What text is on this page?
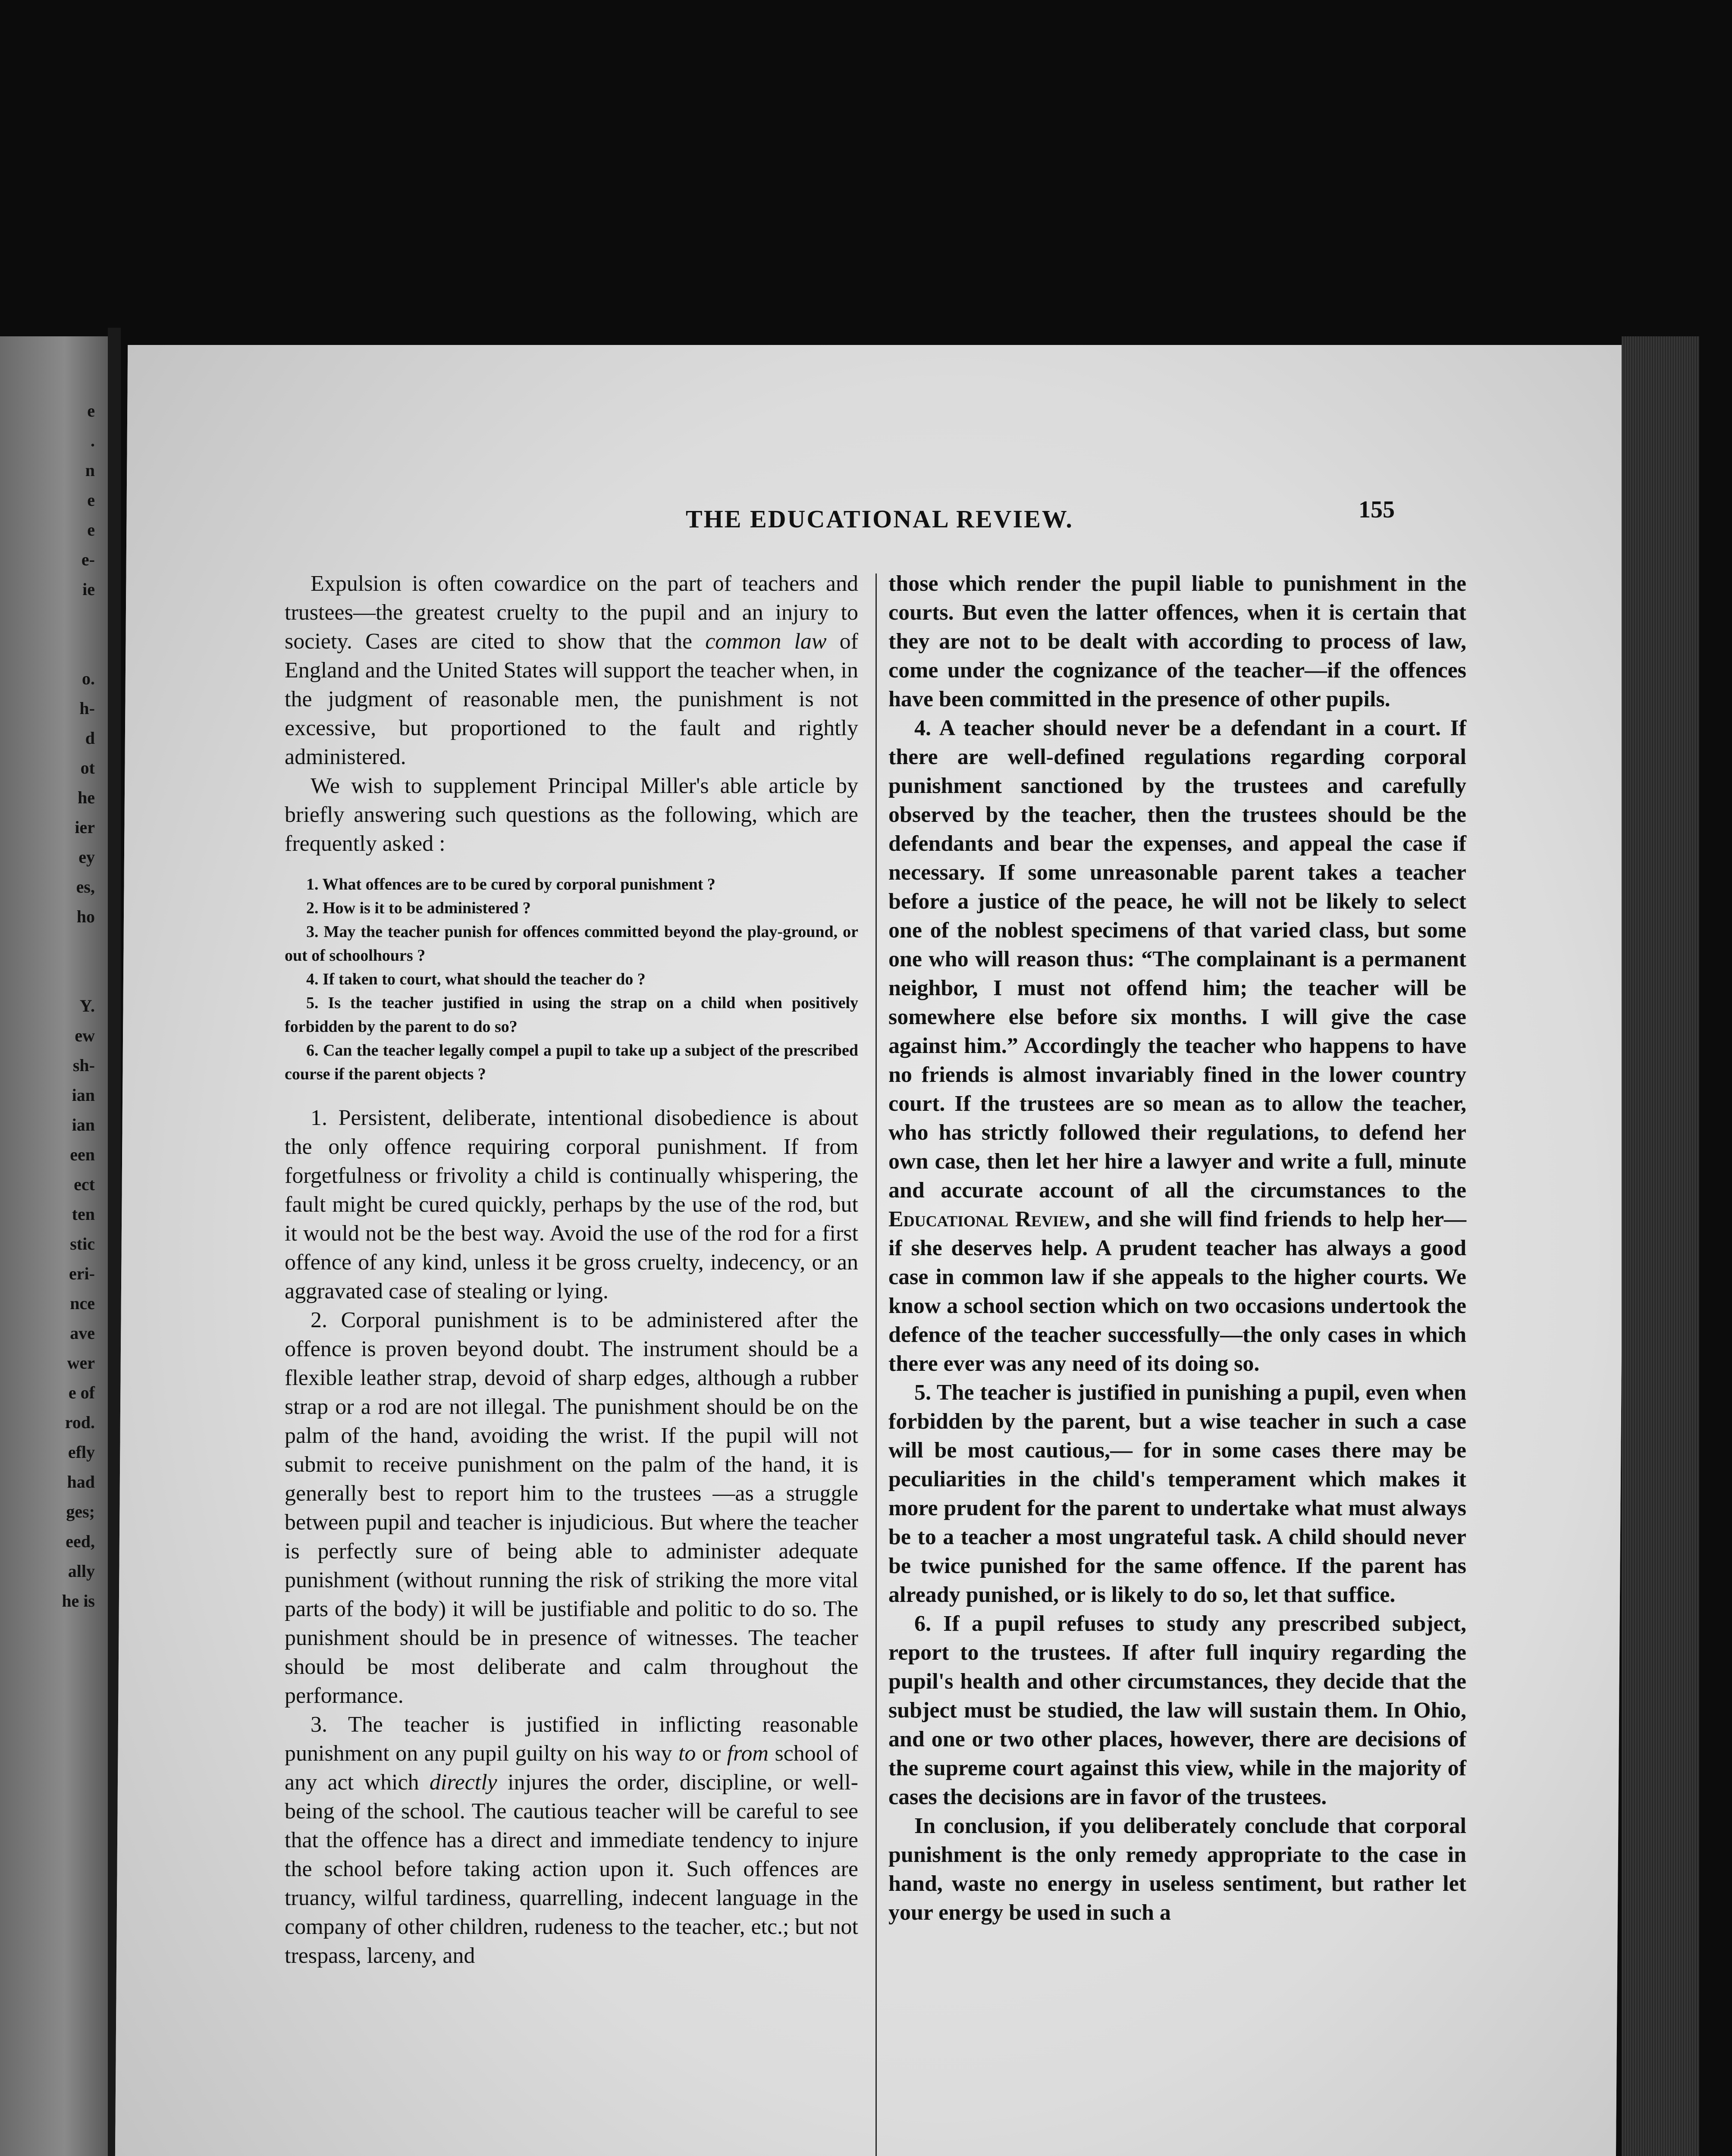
e
.
n
e
e
e-
ie
o.
h-
d
ot
he
ier
ey
es,
ho
Y.
ew
sh-
ian
ian
een
ect
ten
stic
eri-
nce
ave
wer
e of
rod.
efly
had
ges;
eed,
ally
he is
THE EDUCATIONAL REVIEW.	155

Expulsion is often cowardice on the part of teachers and trustees—the greatest cruelty to the pupil and an injury to society. Cases are cited to show that the common law of England and the United States will support the teacher when, in the judgment of reasonable men, the punishment is not excessive, but proportioned to the fault and rightly administered.

We wish to supplement Principal Miller's able article by briefly answering such questions as the following, which are frequently asked :

1. What offences are to be cured by corporal punishment ?
2. How is it to be administered ?
3. May the teacher punish for offences committed beyond the play-ground, or out of schoolhours ?
4. If taken to court, what should the teacher do ?
5. Is the teacher justified in using the strap on a child when positively forbidden by the parent to do so?
6. Can the teacher legally compel a pupil to take up a subject of the prescribed course if the parent objects ?

1. Persistent, deliberate, intentional disobedience is about the only offence requiring corporal punishment. If from forgetfulness or frivolity a child is continually whispering, the fault might be cured quickly, perhaps by the use of the rod, but it would not be the best way. Avoid the use of the rod for a first offence of any kind, unless it be gross cruelty, indecency, or an aggravated case of stealing or lying.

2. Corporal punishment is to be administered after the offence is proven beyond doubt. The instrument should be a flexible leather strap, devoid of sharp edges, although a rubber strap or a rod are not illegal. The punishment should be on the palm of the hand, avoiding the wrist. If the pupil will not submit to receive punishment on the palm of the hand, it is generally best to report him to the trustees —as a struggle between pupil and teacher is injudicious. But where the teacher is perfectly sure of being able to administer adequate punishment (without running the risk of striking the more vital parts of the body) it will be justifiable and politic to do so. The punishment should be in presence of witnesses. The teacher should be most deliberate and calm throughout the performance.

3. The teacher is justified in inflicting reasonable punishment on any pupil guilty on his way to or from school of any act which directly injures the order, discipline, or well-being of the school. The cautious teacher will be careful to see that the offence has a direct and immediate tendency to injure the school before taking action upon it. Such offences are truancy, wilful tardiness, quarrelling, indecent language in the company of other children, rudeness to the teacher, etc.; but not trespass, larceny, and

those which render the pupil liable to punishment in the courts. But even the latter offences, when it is certain that they are not to be dealt with according to process of law, come under the cognizance of the teacher—if the offences have been committed in the presence of other pupils.

4. A teacher should never be a defendant in a court. If there are well-defined regulations regarding corporal punishment sanctioned by the trustees and carefully observed by the teacher, then the trustees should be the defendants and bear the expenses, and appeal the case if necessary. If some unreasonable parent takes a teacher before a justice of the peace, he will not be likely to select one of the noblest specimens of that varied class, but some one who will reason thus: “The complainant is a permanent neighbor, I must not offend him; the teacher will be somewhere else before six months. I will give the case against him.” Accordingly the teacher who happens to have no friends is almost invariably fined in the lower country court. If the trustees are so mean as to allow the teacher, who has strictly followed their regulations, to defend her own case, then let her hire a lawyer and write a full, minute and accurate account of all the circumstances to the Educational Review, and she will find friends to help her—if she deserves help. A prudent teacher has always a good case in common law if she appeals to the higher courts. We know a school section which on two occasions undertook the defence of the teacher successfully—the only cases in which there ever was any need of its doing so.

5. The teacher is justified in punishing a pupil, even when forbidden by the parent, but a wise teacher in such a case will be most cautious,— for in some cases there may be peculiarities in the child's temperament which makes it more prudent for the parent to undertake what must always be to a teacher a most ungrateful task. A child should never be twice punished for the same offence. If the parent has already punished, or is likely to do so, let that suffice.

6. If a pupil refuses to study any prescribed subject, report to the trustees. If after full inquiry regarding the pupil's health and other circumstances, they decide that the subject must be studied, the law will sustain them. In Ohio, and one or two other places, however, there are decisions of the supreme court against this view, while in the majority of cases the decisions are in favor of the trustees.

In conclusion, if you deliberately conclude that corporal punishment is the only remedy appropriate to the case in hand, waste no energy in useless sentiment, but rather let your energy be used in such a
